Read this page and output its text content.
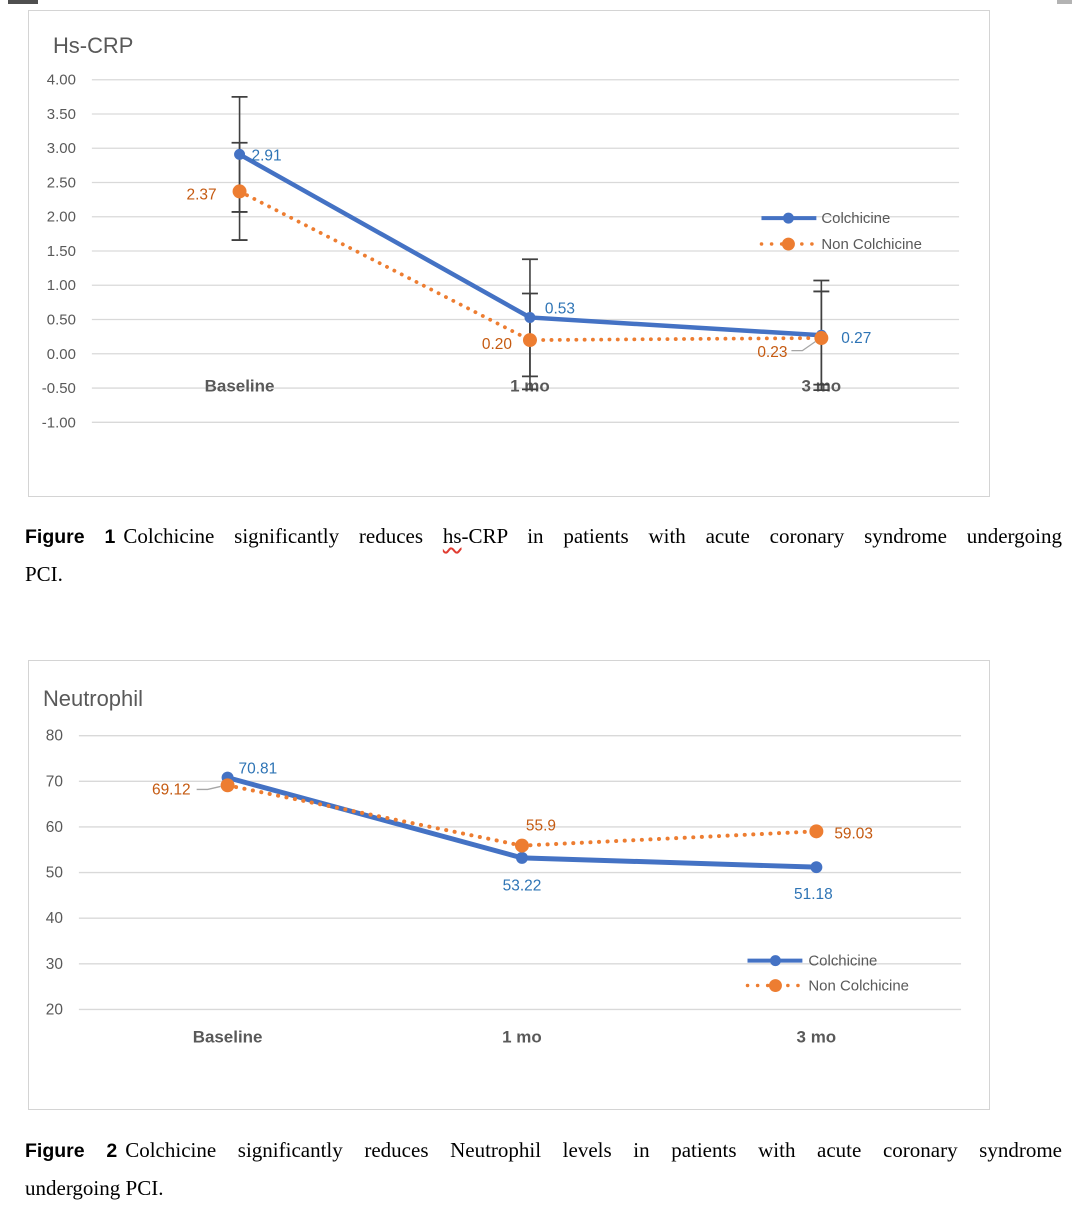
4.00
3.50
3.00
2.50
2.00
1.50
1.00
0.50
0.00
-0.50
-1.00
Baseline	1 mo	3 mo
2.91
0.53
0.27
2.37
0.20	0.23
Colchicine
Non Colchicine
Hs-CRP
Figure 1 Colchicine significantly reduces hs-CRP in patients with acute coronary syndrome undergoing
PCI.
80
70
60
50
40
30
20
Baseline	1 mo	3 mo
70.81
53.22	51.18
69.12
55.9	59.03
Colchicine
Non Colchicine
Neutrophil
Figure 2 Colchicine significantly reduces Neutrophil levels in patients with acute coronary syndrome
undergoing PCI.
